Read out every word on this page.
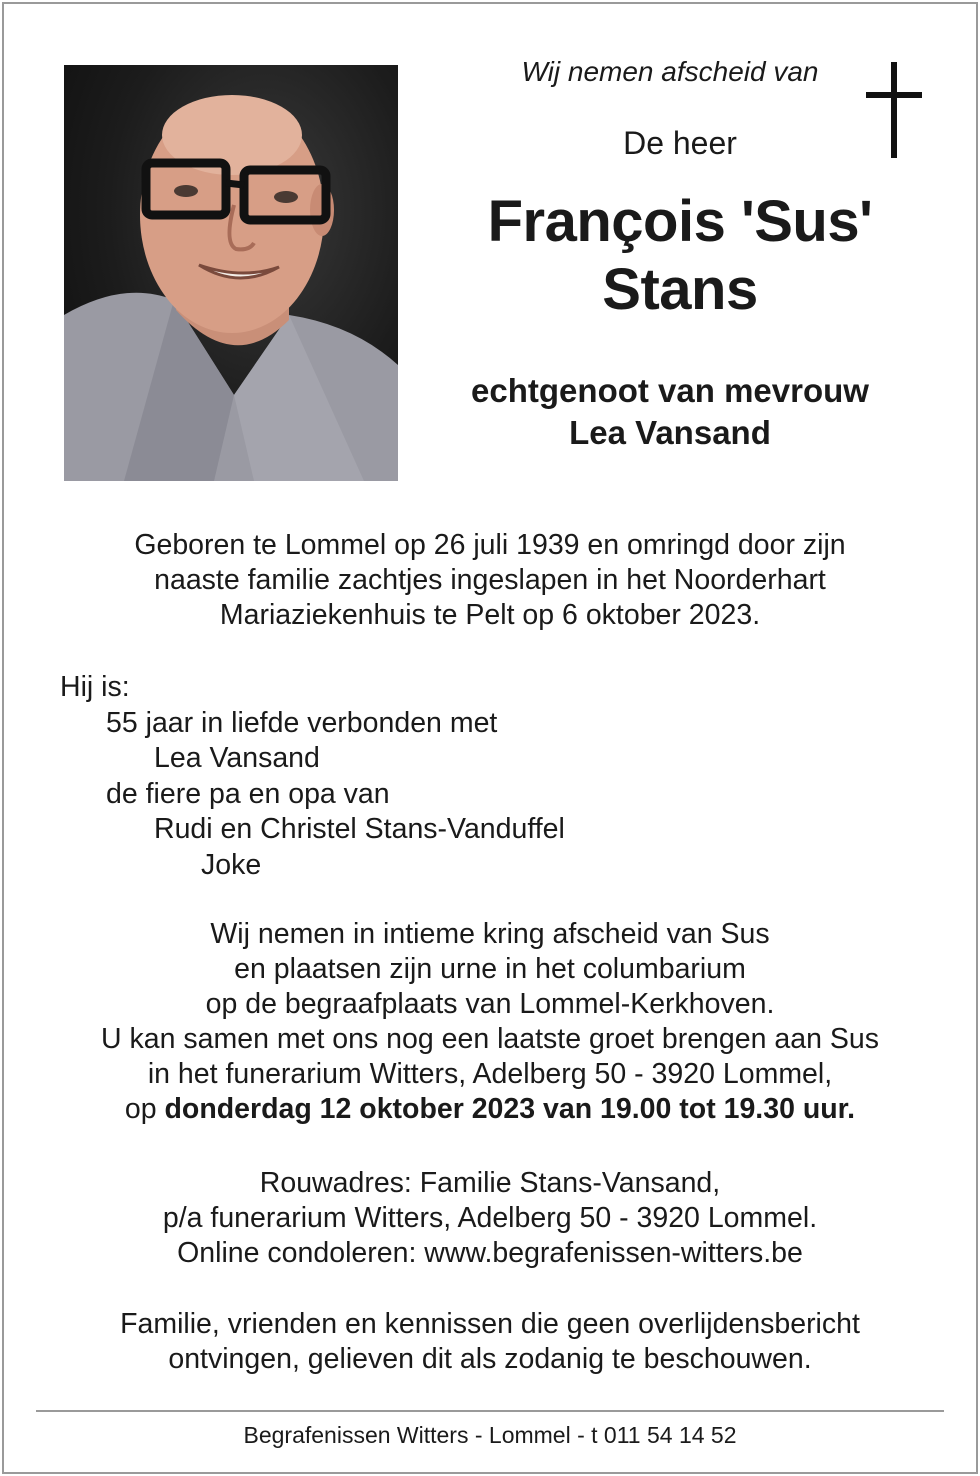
Wij nemen afscheid van
De heer
François 'Sus'
Stans
echtgenoot van mevrouw
Lea Vansand
Geboren te Lommel op 26 juli 1939 en omringd door zijn
naaste familie zachtjes ingeslapen in het Noorderhart
Mariaziekenhuis te Pelt op 6 oktober 2023.
Hij is:
55 jaar in liefde verbonden met
Lea Vansand
de fiere pa en opa van
Rudi en Christel Stans-Vanduffel
Joke
Wij nemen in intieme kring afscheid van Sus
en plaatsen zijn urne in het columbarium
op de begraafplaats van Lommel-Kerkhoven.
U kan samen met ons nog een laatste groet brengen aan Sus
in het funerarium Witters, Adelberg 50 - 3920 Lommel,
op donderdag 12 oktober 2023 van 19.00 tot 19.30 uur.
Rouwadres: Familie Stans-Vansand,
p/a funerarium Witters, Adelberg 50 - 3920 Lommel.
Online condoleren: www.begrafenissen-witters.be
Familie, vrienden en kennissen die geen overlijdensbericht
ontvingen, gelieven dit als zodanig te beschouwen.
Begrafenissen Witters - Lommel - t 011 54 14 52
